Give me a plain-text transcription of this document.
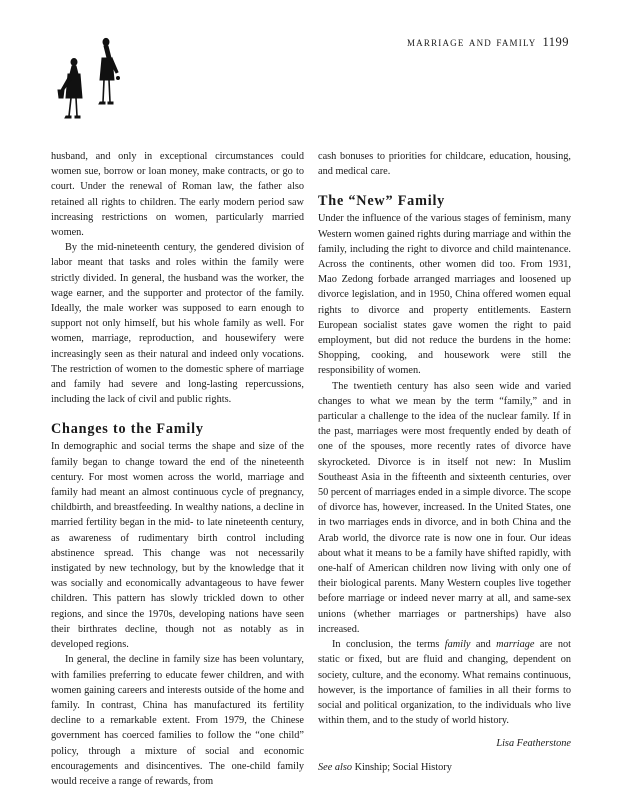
marriage and family 1199

husband, and only in exceptional circumstances could women sue, borrow or loan money, make contracts, or go to court. Under the renewal of Roman law, the father also retained all rights to children. The early modern period saw increasing restrictions on women, particularly married women.

By the mid-nineteenth century, the gendered division of labor meant that tasks and roles within the family were strictly divided. In general, the husband was the worker, the wage earner, and the supporter and protector of the family. Ideally, the male worker was supposed to earn enough to support not only himself, but his whole family as well. For women, marriage, reproduction, and housewifery were increasingly seen as their natural and indeed only vocations. The restriction of women to the domestic sphere of marriage and family had severe and long-lasting repercussions, including the lack of civil and public rights.

Changes to the Family

In demographic and social terms the shape and size of the family began to change toward the end of the nineteenth century. For most women across the world, marriage and family had meant an almost continuous cycle of pregnancy, childbirth, and breastfeeding. In wealthy nations, a decline in married fertility began in the mid- to late nineteenth century, as awareness of rudimentary birth control including abstinence spread. This change was not necessarily instigated by new technology, but by the knowledge that it was socially and economically advantageous to have fewer children. This pattern has slowly trickled down to other regions, and since the 1970s, developing nations have seen their birthrates decline, though not as notably as in developed regions.

In general, the decline in family size has been voluntary, with families preferring to educate fewer children, and with women gaining careers and interests outside of the home and family. In contrast, China has manufactured its fertility decline to a remarkable extent. From 1979, the Chinese government has coerced families to follow the “one child” policy, through a mixture of social and economic encouragements and disincentives. The one-child family would receive a range of rewards, from

cash bonuses to priorities for childcare, education, housing, and medical care.

The “New” Family

Under the influence of the various stages of feminism, many Western women gained rights during marriage and within the family, including the right to divorce and child maintenance. Across the continents, other women did too. From 1931, Mao Zedong forbade arranged marriages and loosened up divorce legislation, and in 1950, China offered women equal rights to divorce and property entitlements. Eastern European socialist states gave women the right to paid employment, but did not reduce the burdens in the home: Shopping, cooking, and housework were still the responsibility of women.

The twentieth century has also seen wide and varied changes to what we mean by the term “family,” and in particular a challenge to the idea of the nuclear family. If in the past, marriages were most frequently ended by death of one of the spouses, more recently rates of divorce have skyrocketed. Divorce is in itself not new: In Muslim Southeast Asia in the fifteenth and sixteenth centuries, over 50 percent of marriages ended in a simple divorce. The scope of divorce has, however, increased. In the United States, one in two marriages ends in divorce, and in both China and the Arab world, the divorce rate is now one in four. Our ideas about what it means to be a family have shifted rapidly, with one-half of American children now living with only one of their biological parents. Many Western couples live together before marriage or indeed never marry at all, and same-sex unions (whether marriages or partnerships) have also increased.

In conclusion, the terms family and marriage are not static or fixed, but are fluid and changing, dependent on society, culture, and the economy. What remains continuous, however, is the importance of families in all their forms to social and political organization, to the individuals who live within them, and to the study of world history.

Lisa Featherstone
See also Kinship; Social History
